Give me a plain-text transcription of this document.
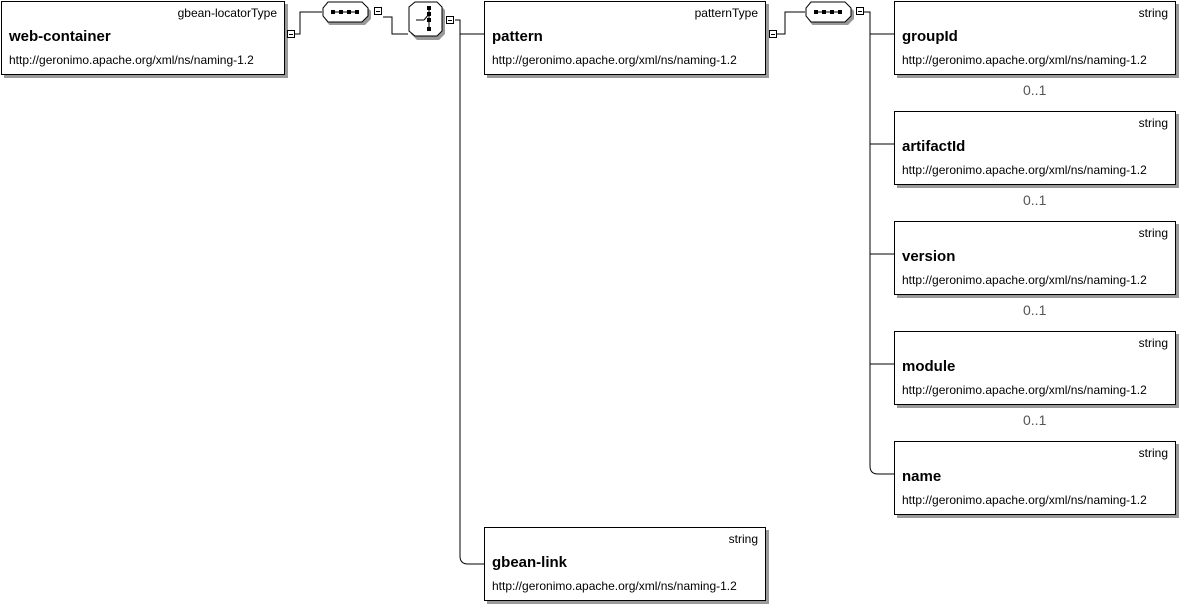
gbean-locatorType
web-container
http://geronimo.apache.org/xml/ns/naming-1.2
patternType
pattern
http://geronimo.apache.org/xml/ns/naming-1.2
string
gbean-link
http://geronimo.apache.org/xml/ns/naming-1.2
string
groupId
http://geronimo.apache.org/xml/ns/naming-1.2
0..1
string
artifactId
http://geronimo.apache.org/xml/ns/naming-1.2
0..1
string
version
http://geronimo.apache.org/xml/ns/naming-1.2
0..1
string
module
http://geronimo.apache.org/xml/ns/naming-1.2
0..1
string
name
http://geronimo.apache.org/xml/ns/naming-1.2
